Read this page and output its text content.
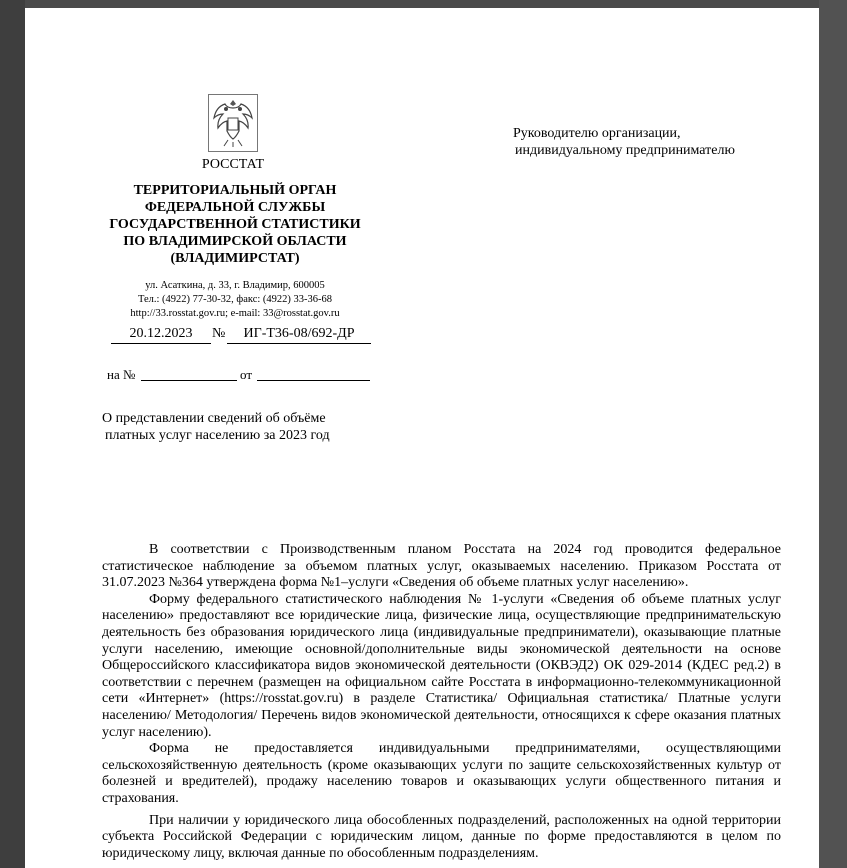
РОССТАТ
ТЕРРИТОРИАЛЬНЫЙ ОРГАН
ФЕДЕРАЛЬНОЙ СЛУЖБЫ
ГОСУДАРСТВЕННОЙ СТАТИСТИКИ
ПО ВЛАДИМИРСКОЙ ОБЛАСТИ
(ВЛАДИМИРСТАТ)
ул. Асаткина, д. 33, г. Владимир, 600005
Тел.: (4922) 77-30-32, факс: (4922) 33-36-68
http://33.rosstat.gov.ru; e-mail: 33@rosstat.gov.ru
20.12.2023	№	ИГ-Т36-08/692-ДР
на №	от
Руководителю организации,
индивидуальному предпринимателю
О представлении сведений об объёме
платных услуг населению за 2023 год

В соответствии с Производственным планом Росстата на 2024 год проводится федеральное статистическое наблюдение за объемом платных услуг, оказываемых населению. Приказом Росстата от 31.07.2023 №364 утверждена форма №1–услуги «Сведения об объеме платных услуг населению».

Форму федерального статистического наблюдения № 1-услуги «Сведения об объеме платных услуг населению» предоставляют все юридические лица, физические лица, осуществляющие предпринимательскую деятельность без образования юридического лица (индивидуальные предприниматели), оказывающие платные услуги населению, имеющие основной/дополнительные виды экономической деятельности на основе Общероссийского классификатора видов экономической деятельности (ОКВЭД2) ОК 029-2014 (КДЕС ред.2) в соответствии с перечнем (размещен на официальном сайте Росстата в информационно-телекоммуникационной сети «Интернет» (https://rosstat.gov.ru) в разделе Статистика/ Официальная статистика/ Платные услуги населению/ Методология/ Перечень видов экономической деятельности, относящихся к сфере оказания платных услуг населению).

Форма не предоставляется индивидуальными предпринимателями, осуществляющими сельскохозяйственную деятельность (кроме оказывающих услуги по защите сельскохозяйственных культур от болезней и вредителей), продажу населению товаров и оказывающих услуги общественного питания и страхования.

При наличии у юридического лица обособленных подразделений, расположенных на одной территории субъекта Российской Федерации с юридическим лицом, данные по форме предоставляются в целом по юридическому лицу, включая данные по обособленным подразделениям.
